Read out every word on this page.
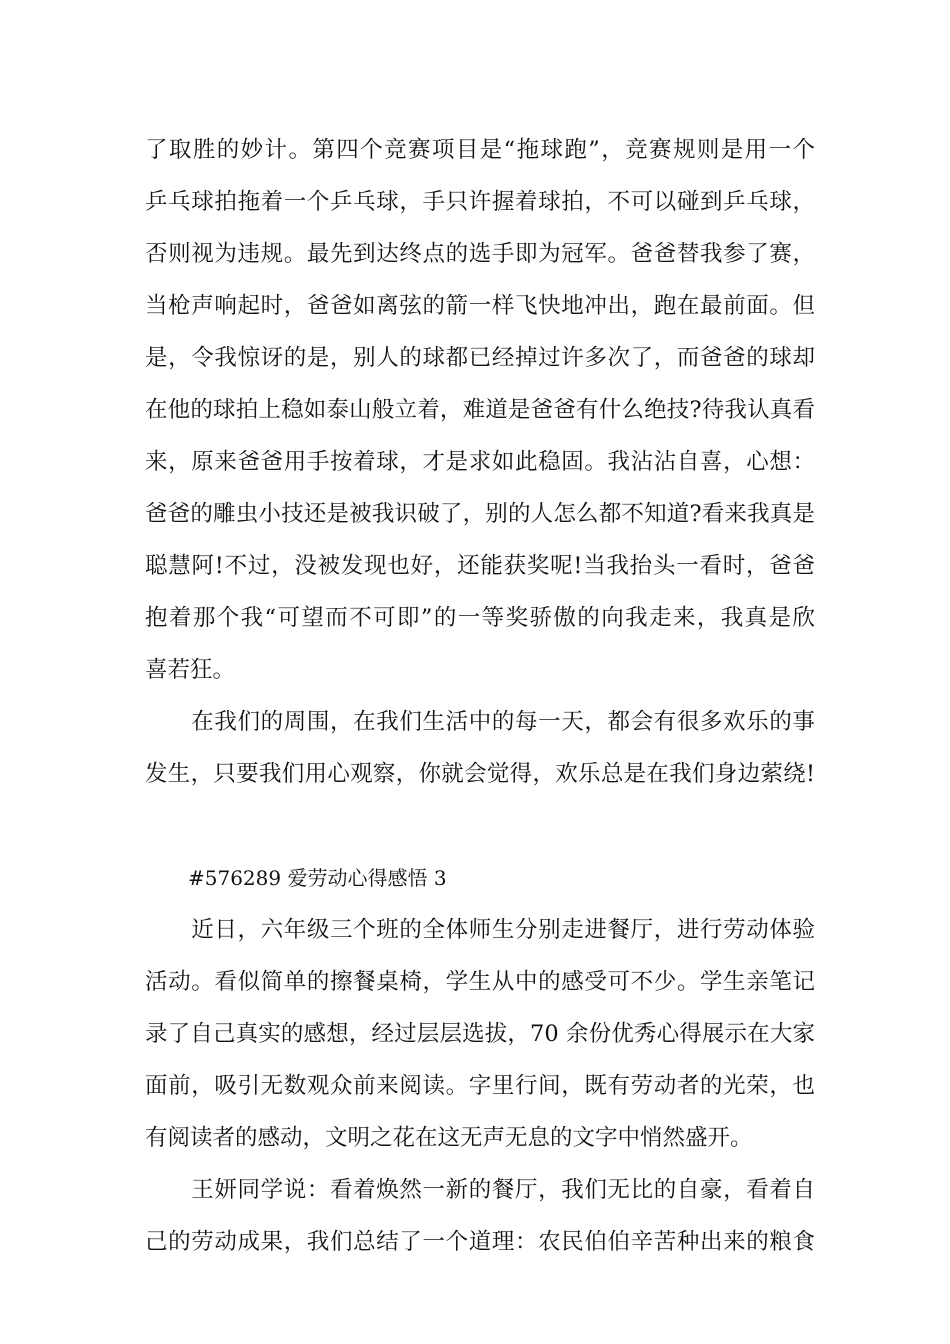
了取胜的妙计。第四个竞赛项目是“拖球跑”，竞赛规则是用一个
乒乓球拍拖着一个乒乓球，手只许握着球拍，不可以碰到乒乓球，
否则视为违规。最先到达终点的选手即为冠军。爸爸替我参了赛，
当枪声响起时，爸爸如离弦的箭一样飞快地冲出，跑在最前面。但
是，令我惊讶的是，别人的球都已经掉过许多次了，而爸爸的球却
在他的球拍上稳如泰山般立着，难道是爸爸有什么绝技?待我认真看
来，原来爸爸用手按着球，才是求如此稳固。我沾沾自喜，心想：
爸爸的雕虫小技还是被我识破了，别的人怎么都不知道?看来我真是
聪慧阿!不过，没被发现也好，还能获奖呢!当我抬头一看时，爸爸
抱着那个我“可望而不可即”的一等奖骄傲的向我走来，我真是欣
喜若狂。
　　在我们的周围，在我们生活中的每一天，都会有很多欢乐的事
发生，只要我们用心观察，你就会觉得，欢乐总是在我们身边萦绕!
#576289 爱劳动心得感悟 3
　　近日，六年级三个班的全体师生分别走进餐厅，进行劳动体验
活动。看似简单的擦餐桌椅，学生从中的感受可不少。学生亲笔记
录了自己真实的感想，经过层层选拔，70 余份优秀心得展示在大家
面前，吸引无数观众前来阅读。字里行间，既有劳动者的光荣，也
有阅读者的感动，文明之花在这无声无息的文字中悄然盛开。
　　王妍同学说：看着焕然一新的餐厅，我们无比的自豪，看着自
己的劳动成果，我们总结了一个道理：农民伯伯辛苦种出来的粮食
